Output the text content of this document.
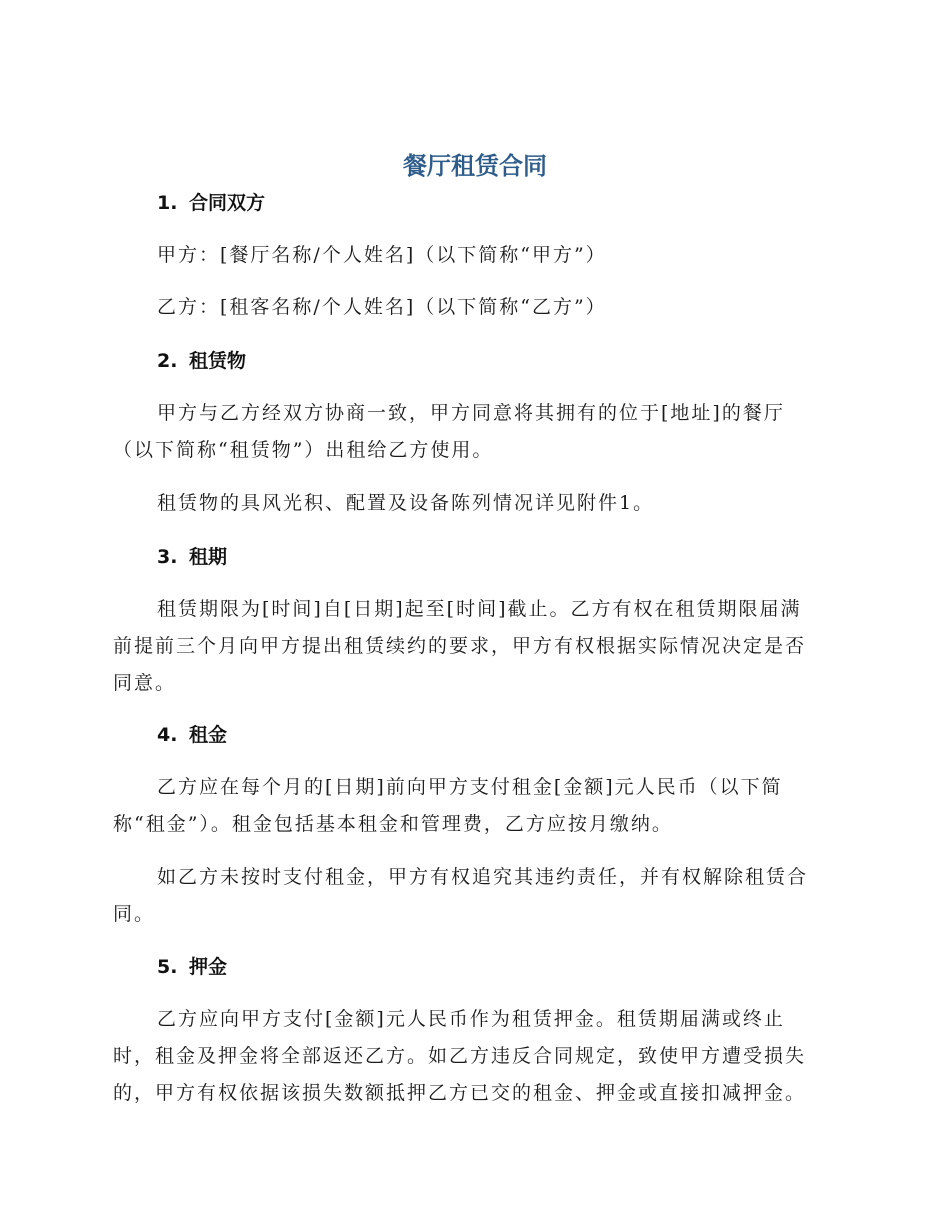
餐厅租赁合同
1. 合同双方
甲方：[餐厅名称/个人姓名]（以下简称“甲方”）
乙方：[租客名称/个人姓名]（以下简称“乙方”）
2. 租赁物
甲方与乙方经双方协商一致，甲方同意将其拥有的位于[地址]的餐厅
（以下简称“租赁物”）出租给乙方使用。
租赁物的具风光积、配置及设备陈列情况详见附件1。
3. 租期
租赁期限为[时间]自[日期]起至[时间]截止。乙方有权在租赁期限届满
前提前三个月向甲方提出租赁续约的要求，甲方有权根据实际情况决定是否
同意。
4. 租金
乙方应在每个月的[日期]前向甲方支付租金[金额]元人民币（以下简
称“租金”）。租金包括基本租金和管理费，乙方应按月缴纳。
如乙方未按时支付租金，甲方有权追究其违约责任，并有权解除租赁合
同。
5. 押金
乙方应向甲方支付[金额]元人民币作为租赁押金。租赁期届满或终止
时，租金及押金将全部返还乙方。如乙方违反合同规定，致使甲方遭受损失
的，甲方有权依据该损失数额抵押乙方已交的租金、押金或直接扣减押金。
